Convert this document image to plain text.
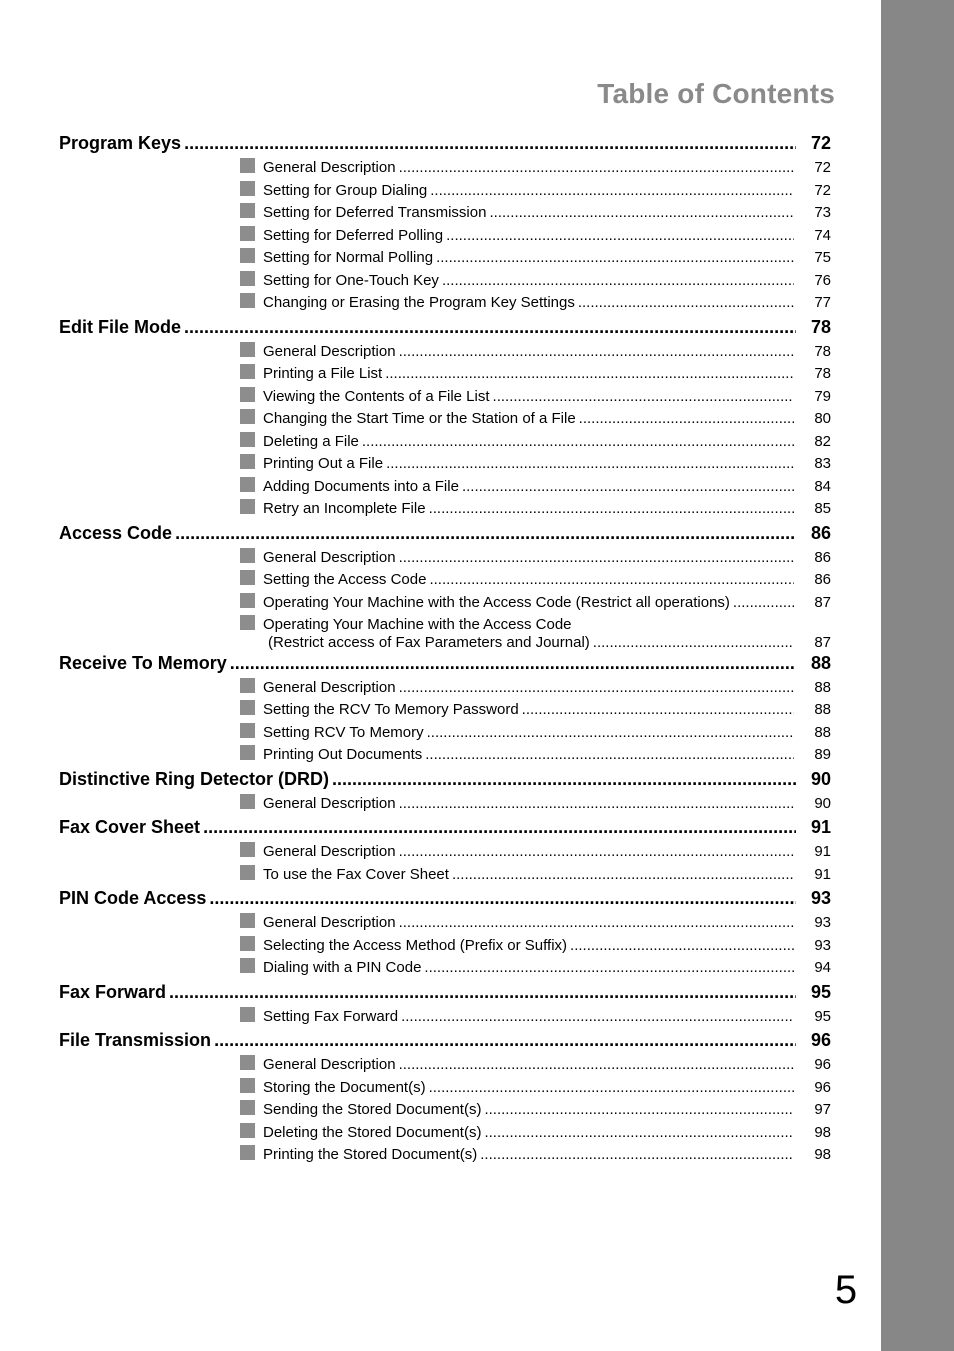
Table of Contents
Program Keys .....	72
General Description .....	72
Setting for Group Dialing .....	72
Setting for Deferred Transmission .....	73
Setting for Deferred Polling .....	74
Setting for Normal Polling .....	75
Setting for One-Touch Key .....	76
Changing or Erasing the Program Key Settings .....	77
Edit File Mode .....	78
General Description .....	78
Printing a File List .....	78
Viewing the Contents of a File List .....	79
Changing the Start Time or the Station of a File .....	80
Deleting a File .....	82
Printing Out a File .....	83
Adding Documents into a File .....	84
Retry an Incomplete File .....	85
Access Code .....	86
General Description .....	86
Setting the Access Code .....	86
Operating Your Machine with the Access Code (Restrict all operations) .....	87
Operating Your Machine with the Access Code
(Restrict access of Fax Parameters and Journal) .....	87
Receive To Memory .....	88
General Description .....	88
Setting the RCV To Memory Password .....	88
Setting RCV To Memory .....	88
Printing Out Documents .....	89
Distinctive Ring Detector (DRD) .....	90
General Description .....	90
Fax Cover Sheet .....	91
General Description .....	91
To use the Fax Cover Sheet .....	91
PIN Code Access .....	93
General Description .....	93
Selecting the Access Method (Prefix or Suffix) .....	93
Dialing with a PIN Code .....	94
Fax Forward .....	95
Setting Fax Forward .....	95
File Transmission .....	96
General Description .....	96
Storing the Document(s) .....	96
Sending the Stored Document(s) .....	97
Deleting the Stored Document(s) .....	98
Printing the Stored Document(s) .....	98
5
